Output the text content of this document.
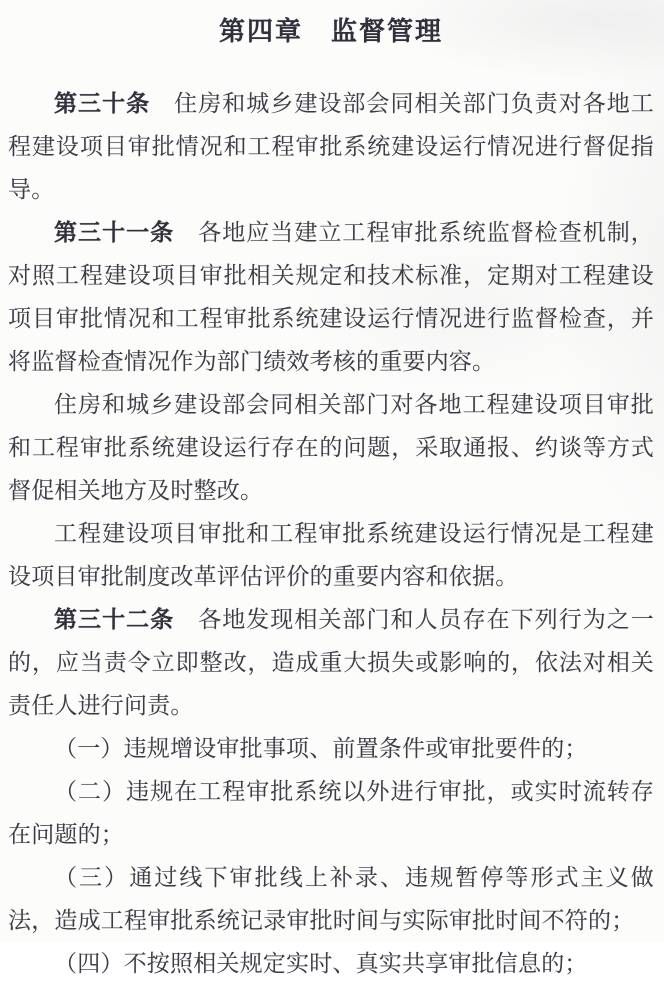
第四章　监督管理

第三十条　住房和城乡建设部会同相关部门负责对各地工程建设项目审批情况和工程审批系统建设运行情况进行督促指导。

第三十一条　各地应当建立工程审批系统监督检查机制，对照工程建设项目审批相关规定和技术标准，定期对工程建设项目审批情况和工程审批系统建设运行情况进行监督检查，并将监督检查情况作为部门绩效考核的重要内容。

住房和城乡建设部会同相关部门对各地工程建设项目审批和工程审批系统建设运行存在的问题，采取通报、约谈等方式督促相关地方及时整改。

工程建设项目审批和工程审批系统建设运行情况是工程建设项目审批制度改革评估评价的重要内容和依据。

第三十二条　各地发现相关部门和人员存在下列行为之一的，应当责令立即整改，造成重大损失或影响的，依法对相关责任人进行问责。

（一）违规增设审批事项、前置条件或审批要件的；

（二）违规在工程审批系统以外进行审批，或实时流转存在问题的；

（三）通过线下审批线上补录、违规暂停等形式主义做法，造成工程审批系统记录审批时间与实际审批时间不符的；

（四）不按照相关规定实时、真实共享审批信息的；
